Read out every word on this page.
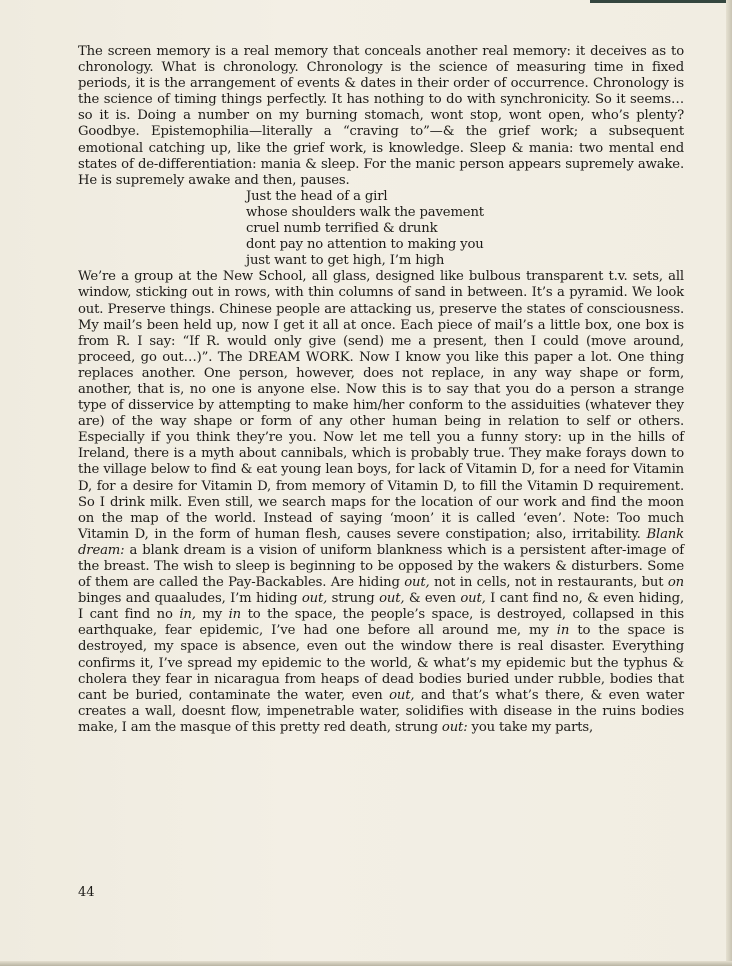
The screen memory is a real memory that conceals another real memory: it deceives as to chronology. What is chronology. Chronology is the science of measuring time in fixed periods, it is the arrangement of events & dates in their order of occurrence. Chronology is the science of timing things perfectly. It has nothing to do with synchronicity. So it seems…so it is. Doing a number on my burning stomach, wont stop, wont open, who’s plenty? Goodbye. Epistemophilia—literally a “craving to”—& the grief work; a subsequent emotional catching up, like the grief work, is knowledge. Sleep & mania: two mental end states of de-differentiation: mania & sleep. For the manic person appears supremely awake. He is supremely awake and then, pauses.

Just the head of a girl
whose shoulders walk the pavement
cruel numb terrified & drunk
dont pay no attention to making you
just want to get high, I’m high

We’re a group at the New School, all glass, designed like bulbous transparent t.v. sets, all window, sticking out in rows, with thin columns of sand in between. It’s a pyramid. We look out. Preserve things. Chinese people are attacking us, preserve the states of consciousness. My mail’s been held up, now I get it all at once. Each piece of mail’s a little box, one box is from R. I say: “If R. would only give (send) me a present, then I could (move around, proceed, go out…)”. The DREAM WORK. Now I know you like this paper a lot. One thing replaces another. One person, however, does not replace, in any way shape or form, another, that is, no one is anyone else. Now this is to say that you do a person a strange type of disservice by attempting to make him/her conform to the assiduities (whatever they are) of the way shape or form of any other human being in relation to self or others. Especially if you think they’re you. Now let me tell you a funny story: up in the hills of Ireland, there is a myth about cannibals, which is probably true. They make forays down to the village below to find & eat young lean boys, for lack of Vitamin D, for a need for Vitamin D, for a desire for Vitamin D, from memory of Vitamin D, to fill the Vitamin D requirement. So I drink milk. Even still, we search maps for the location of our work and find the moon on the map of the world. Instead of saying ‘moon’ it is called ‘even’. Note: Too much Vitamin D, in the form of human flesh, causes severe constipation; also, irritability. Blank dream: a blank dream is a vision of uniform blankness which is a persistent after-image of the breast. The wish to sleep is beginning to be opposed by the wakers & disturbers. Some of them are called the Pay-Backables. Are hiding out, not in cells, not in restaurants, but on binges and quaaludes, I’m hiding out, strung out, & even out, I cant find no, & even hiding, I cant find no in, my in to the space, the people’s space, is destroyed, collapsed in this earthquake, fear epidemic, I’ve had one before all around me, my in to the space is destroyed, my space is absence, even out the window there is real disaster. Everything confirms it, I’ve spread my epidemic to the world, & what’s my epidemic but the typhus & cholera they fear in nicaragua from heaps of dead bodies buried under rubble, bodies that cant be buried, contaminate the water, even out, and that’s what’s there, & even water creates a wall, doesnt flow, impenetrable water, solidifies with disease in the ruins bodies make, I am the masque of this pretty red death, strung out: you take my parts,

44
